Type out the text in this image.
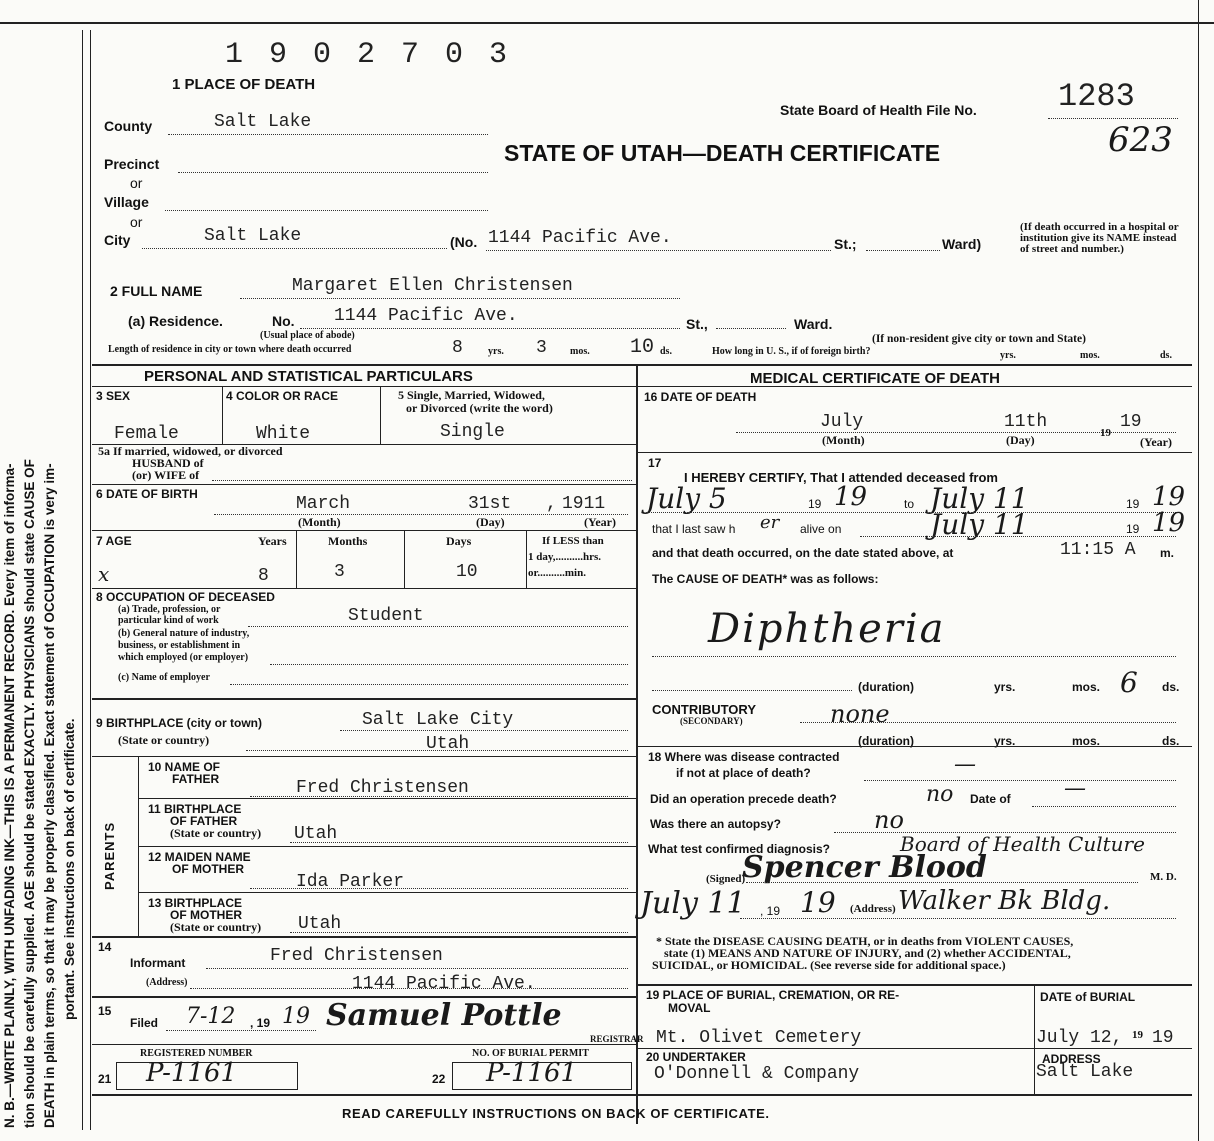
N. B.—WRITE PLAINLY, WITH UNFADING INK—THIS IS A PERMANENT RECORD. Every item of informa- tion should be carefully supplied. AGE should be stated EXACTLY. PHYSICIANS should state CAUSE OF DEATH in plain terms, so that it may be properly classified. Exact statement of OCCUPATION is very im- portant. See instructions on back of certificate.
1 9 0 2 7 0 3
1 PLACE OF DEATH
State Board of Health File No.	1283
623
STATE OF UTAH—DEATH CERTIFICATE
County	Salt Lake
Precinct
or
Village
or
City	Salt Lake	(No. 1144 Pacific Ave.	St.;	Ward)
(If death occurred in a hospital or institution give its NAME instead of street and number.)
2 FULL NAME	Margaret Ellen Christensen
(a) Residence.	No. 1144 Pacific Ave.	St.,	Ward.
(Usual place of abode)	(If non-resident give city or town and State)
Length of residence in city or town where death occurred	8	yrs. 3 mos. 10 ds.	How long in U. S., if of foreign birth?	yrs.	mos.	ds.
PERSONAL AND STATISTICAL PARTICULARS	MEDICAL CERTIFICATE OF DEATH
3 SEX
Female
4 COLOR OR RACE
White
5 Single, Married, Widowed,
or Divorced (write the word)
Single
5a If married, widowed, or divorced
HUSBAND of
(or) WIFE of
6 DATE OF BIRTH	March	31st , 1911
(Month)	(Day)	(Year)
7 AGE	Years	Months	Days	If LESS than
1 day,..........hrs.
or..........min.
x	8	3	10
8 OCCUPATION OF DECEASED
(a) Trade, profession, or
particular kind of work	Student
(b) General nature of industry,
business, or establishment in
which employed (or employer)
(c) Name of employer
9 BIRTHPLACE (city or town)	Salt Lake City
(State or country)	Utah
PARENTS
10 NAME OF
FATHER	Fred Christensen
11 BIRTHPLACE
OF FATHER
(State or country) Utah
12 MAIDEN NAME
OF MOTHER
Ida Parker
13 BIRTHPLACE
OF MOTHER
(State or country) Utah
14
Informant	Fred Christensen
(Address)	1144 Pacific Ave.
15
Filed 7-12 , 19 19 Samuel Pottle
REGISTRAR
REGISTERED NUMBER
21 P-1161
NO. OF BURIAL PERMIT
22 P-1161
16 DATE OF DEATH
July	11th
19
19
(Month)	(Day)	(Year)
17
I HEREBY CERTIFY, That I attended deceased from
July 5	19 19	to July 11	19 19
that I last saw h er alive on	July 11	19 19
and that death occurred, on the date stated above, at	11:15 A m.
The CAUSE OF DEATH* was as follows:
Diphtheria
(duration)	yrs.	mos. 6 ds.
CONTRIBUTORY
(SECONDARY)	none
(duration)	yrs.	mos.	ds.
18 Where was disease contracted
if not at place of death?	—
Did an operation precede death?	no Date of —
Was there an autopsy?	no
What test confirmed diagnosis?	Board of Health Culture
(Signed)
Spencer Blood	M. D.
July 11 , 19 19 (Address) Walker Bk Bldg.
* State the DISEASE CAUSING DEATH, or in deaths from VIOLENT CAUSES,
state (1) MEANS AND NATURE OF INJURY, and (2) whether ACCIDENTAL,
SUICIDAL, or HOMICIDAL. (See reverse side for additional space.)
19 PLACE OF BURIAL, CREMATION, OR RE-
MOVAL
Mt. Olivet Cemetery
DATE of BURIAL
July 12, 19 19
20 UNDERTAKER
O'Donnell & Company
ADDRESS
Salt Lake
READ CAREFULLY INSTRUCTIONS ON BACK OF CERTIFICATE.
